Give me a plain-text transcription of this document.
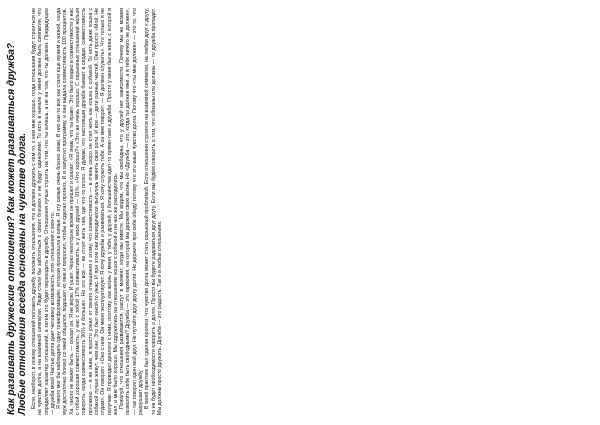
Как развивать дружеские отношения? Как может развиваться дружба? Любые отношения всегда основаны на чувстве долга. Если, наоборот, в основу отношений положить дружбу, положить отношения, что я должен дружить с кем-то, с кем мне хорошо, тогда отношения будут строиться не на чувстве долга, а на взаимной симпатии. Люди стали бы заботиться о своих близких и не будут одинокими. То есть в начале у меня должна быть симпатия, что определяет характер отношений, а затем это будет переходить в дружбу. Отношения лучше строить на том, что ты хочешь, а не на том, что ты должен. Предыдущее — дружба моей Частью долга дает человеку возможность этих отношения с кем-то. Я много мог бы наблюдать одну трансформацию, которая произошла в семье. Я эту семью очень близко знаю. В них как-то все как стали еще мужем и женой, когда муж достаточно близко со мной общался, подошел ко мне и попросил, чтобы я сделал прогноз. И я запустил программу, и она выдала совместимость 100 процентов. Ха, такого не может быть, — сказал он. Я не верю. И ушел. Через некоторое время он пришел и сказал: «Я знаю, что ты прав». Это было видно в совместимости у нас с тобой хорошая совместимость, у нас с тобой 17% совместимость, а у моих друзей — 91%. «Что хорошо?» «Это не очень хорошо. С серьезных отношений нельзя говорить, когда совместимость 90% и больше». Но это все — не стоит жить там, где что-то плохо. Я думаю, что настоящая дружба бывает в сердце, совместимость положено — я не знаю, я просто узнал от своего отношения к этому, что совместимость — в очень скоро он стал жить как кошка с собакой. То есть даже кошка с собакой лучше живут, чем они. Это был какой-то ужас. И при этом они периодически пытались менять свои роли. И все — дети разных частей. Они просто «Мой, Не отдам». Он говорил: «Оно с ним. Он меня эксплуатирует. Я хочу дружбы и развиваться. Я хочу служить тебе. А он мне говорит: — Я должен служить». Что только я не получаю. Я проводил диалоги с ними, поэтому, как жизнь у меня, у тебя, у друзей, у большинства идет-то прямо-таки к дружбе. Просто у меня была жена, с которой я жил, и мне было хорошо. Мы сдружились на отношениях кошки с собакой и на них же расходились. Пожалуй, что отношения развиваются, растут в момент, когда мы вместе. Мы видим, что мы свободны, что у друзей нет зависимости. Почему мы не можем позволить себе быть свободными? Дружба — это гармония, на которой мы держим свою жизнь. Но «Дружба — это, когда ты должен мне, а я тебе ничего не должен», — так говорил один мой друг. Не путайте друг другу долги. Не держите при себе обиду, потому что это ваше чувство долга. Потому что «ты мне должен» — это то, что разрушает дружбу. В моей практике был сделан прогноз, что чувство долга может стать серьезной проблемой. Если отношения строятся на взаимной симпатии, на любви друг к другу, то не будет необходимости говорить о долге. Просто вы будете радоваться друг другу. Если мы будем говорить о том, что обязаны или должны — то дружба пропадет. Мы должны просто дружить. Дружба — это радость. Так и в любых отношениях.
